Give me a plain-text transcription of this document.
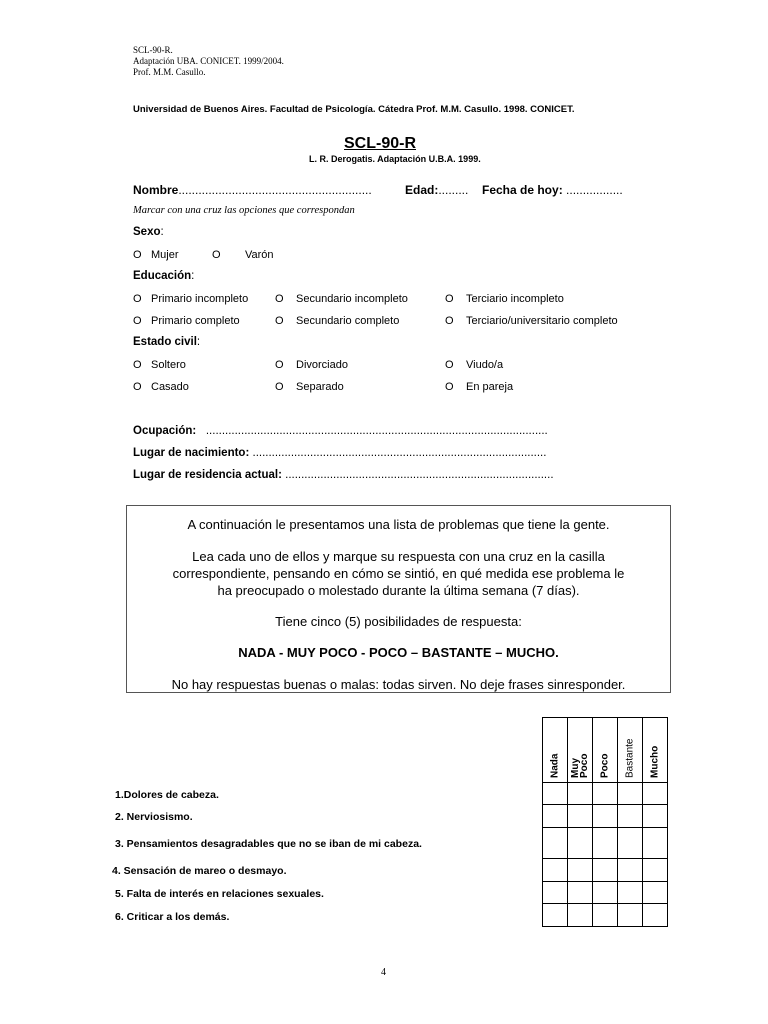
SCL-90-R.
Adaptación UBA. CONICET. 1999/2004.
Prof. M.M. Casullo.
Universidad de Buenos Aires. Facultad de Psicología. Cátedra Prof. M.M. Casullo. 1998. CONICET.
SCL-90-R
L. R. Derogatis. Adaptación U.B.A. 1999.
Nombre..........................................................	Edad:......... Fecha de hoy: .................
Marcar con una cruz las opciones que correspondan
Sexo:
O Mujer	O Varón
Educación:
O Primario incompleto O Secundario incompleto	O Terciario incompleto
O Primario completo	O Secundario completo	O Terciario/universitario completo
Estado civil:
O Soltero	O Divorciado	O Viudo/a
O Casado	O Separado	O En pareja
Ocupación: ...........................................................................................................
Lugar de nacimiento: ............................................................................................
Lugar de residencia actual: ....................................................................................
A continuación le presentamos una lista de problemas que tiene la gente.
Lea cada uno de ellos y marque su respuesta con una cruz en la casilla
correspondiente, pensando en cómo se sintió, en qué medida ese problema le
ha preocupado o molestado durante la última semana (7 días).
Tiene cinco (5) posibilidades de respuesta:
NADA - MUY POCO - POCO – BASTANTE – MUCHO.
No hay respuestas buenas o malas: todas sirven. No deje frases sinresponder.
Nada	Muy Poco	Poco	Bastante	Mucho

1.Dolores de cabeza.
2. Nerviosismo.
3. Pensamientos desagradables que no se iban de mi cabeza.
4. Sensación de mareo o desmayo.
5. Falta de interés en relaciones sexuales.
6. Criticar a los demás.
4
